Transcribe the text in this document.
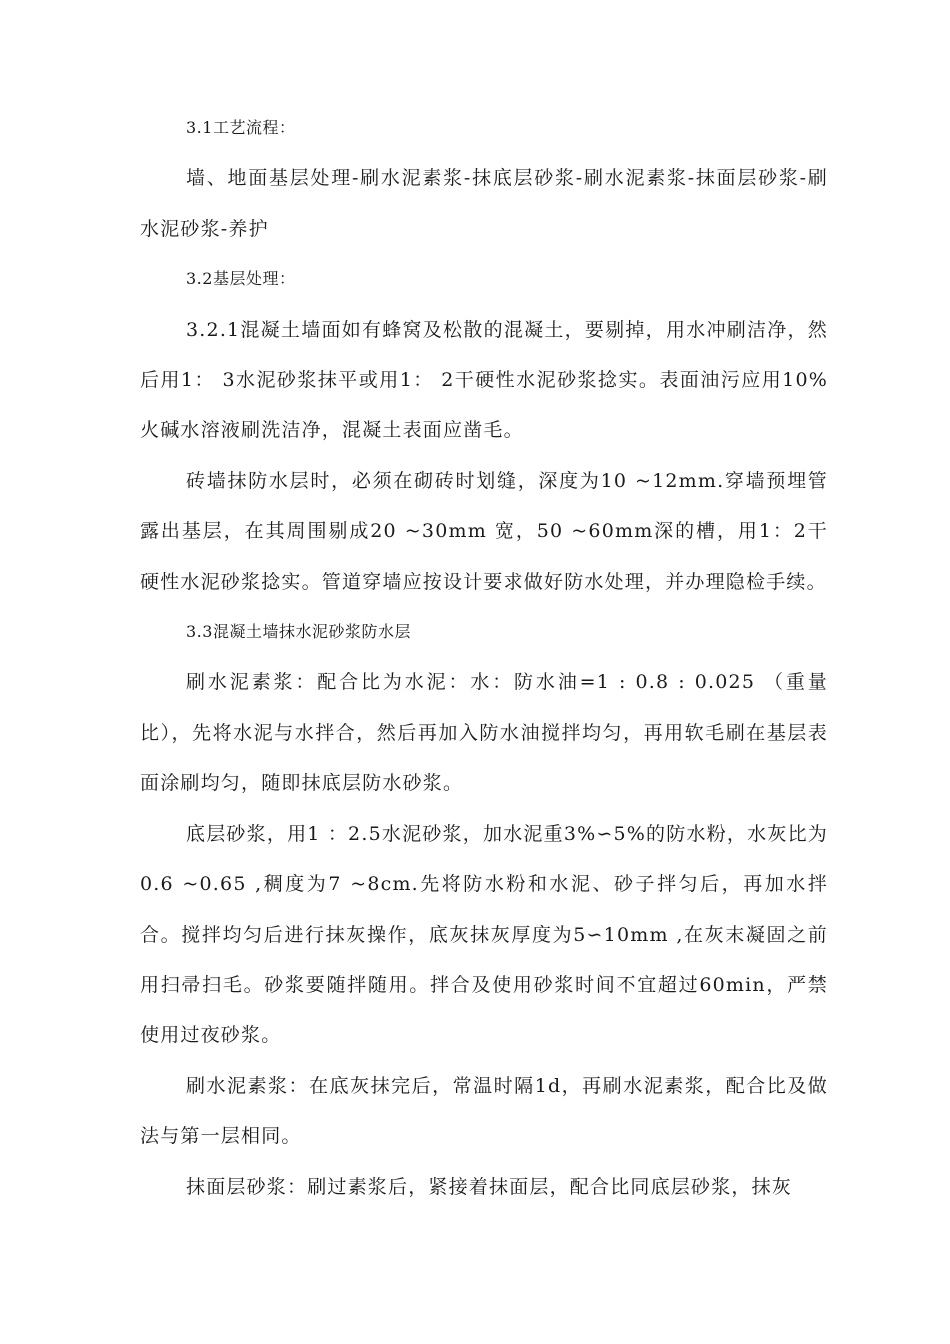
3.1工艺流程：

墙、地面基层处理-刷水泥素浆-抹底层砂浆-刷水泥素浆-抹面层砂浆-刷水泥砂浆-养护

3.2基层处理：

3.2.1混凝土墙面如有蜂窝及松散的混凝土，要剔掉，用水冲刷洁净，然后用1： 3水泥砂浆抹平或用1： 2干硬性水泥砂浆捻实。表面油污应用10%火碱水溶液刷洗洁净，混凝土表面应凿毛。

砖墙抹防水层时，必须在砌砖时划缝，深度为10 ~12mm.穿墙预埋管露出基层，在其周围剔成20 ~30mm 宽，50 ~60mm深的槽，用1：2干硬性水泥砂浆捻实。管道穿墙应按设计要求做好防水处理，并办理隐检手续。

3.3混凝土墙抹水泥砂浆防水层

刷水泥素浆：配合比为水泥：水：防水油=1 : 0.8 : 0.025 （重量比），先将水泥与水拌合，然后再加入防水油搅拌均匀，再用软毛刷在基层表面涂刷均匀，随即抹底层防水砂浆。

底层砂浆，用1 ：2.5水泥砂浆，加水泥重3%∽5%的防水粉，水灰比为0.6 ~0.65 ,稠度为7 ~8cm.先将防水粉和水泥、砂子拌匀后，再加水拌合。搅拌均匀后进行抹灰操作，底灰抹灰厚度为5∽10mm ,在灰末凝固之前用扫帚扫毛。砂浆要随拌随用。拌合及使用砂浆时间不宜超过60min，严禁使用过夜砂浆。

刷水泥素浆：在底灰抹完后，常温时隔1d，再刷水泥素浆，配合比及做法与第一层相同。

抹面层砂浆：刷过素浆后，紧接着抹面层，配合比同底层砂浆，抹灰
